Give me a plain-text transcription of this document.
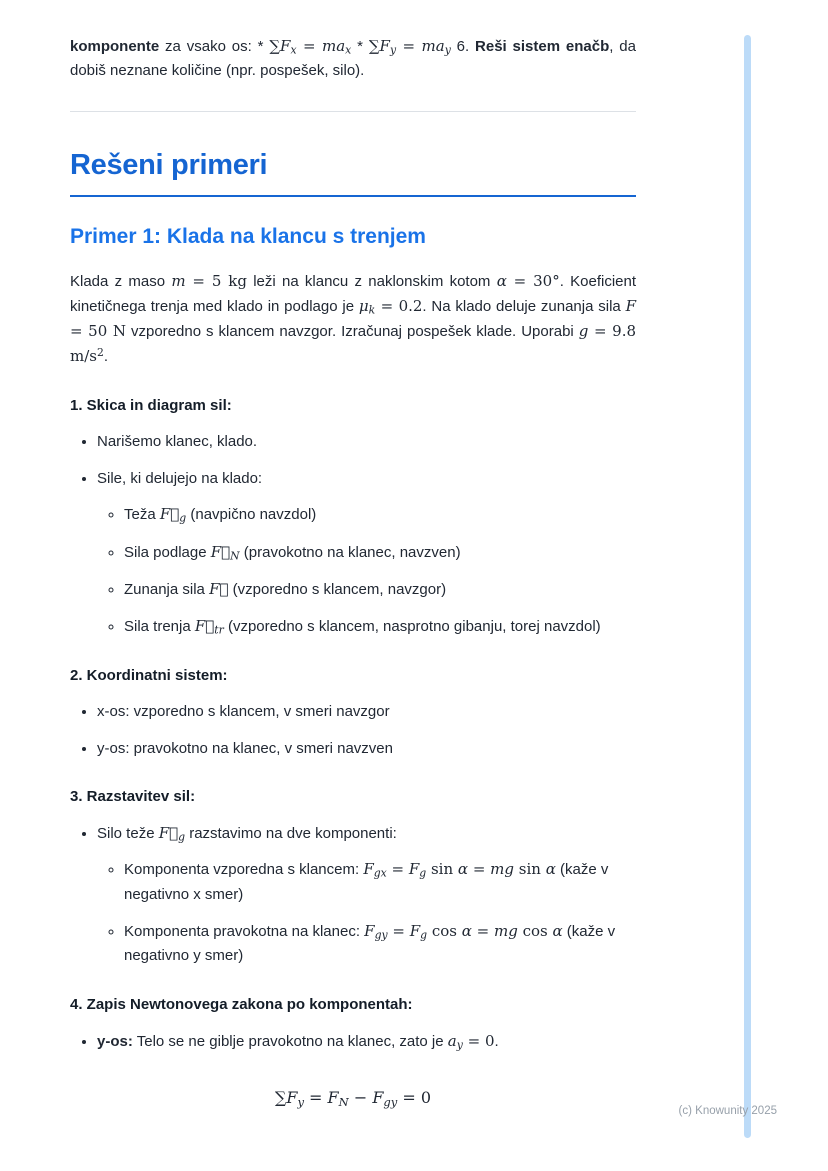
komponente za vsako os: * ∑Fx = max * ∑Fy = may 6. Reši sistem enačb, da dobiš neznane količine (npr. pospešek, silo).

Rešeni primeri
Primer 1: Klada na klancu s trenjem

Klada z maso m = 5 kg leži na klancu z naklonskim kotom α = 30°. Koeficient kinetičnega trenja med klado in podlago je μk = 0.2. Na klado deluje zunanja sila F = 50 N vzporedno s klancem navzgor. Izračunaj pospešek klade. Uporabi g = 9.8 $m/s^2$.

1. Skica in diagram sil:

• Narišemo klanec, klado.
• Sile, ki delujejo na klado:
◦ Teža F⃗g (navpično navzdol)
◦ Sila podlage F⃗N (pravokotno na klanec, navzven)
◦ Zunanja sila F⃗ (vzporedno s klancem, navzgor)
◦ Sila trenja F⃗tr (vzporedno s klancem, nasprotno gibanju, torej navzdol)

2. Koordinatni sistem:

• x-os: vzporedno s klancem, v smeri navzgor
• y-os: pravokotno na klanec, v smeri navzven

3. Razstavitev sil:

• Silo teže F⃗g razstavimo na dve komponenti:
◦ Komponenta vzporedna s klancem: Fgx = Fg sin α = mg sin α (kaže v negativno x smer)
◦ Komponenta pravokotna na klanec: Fgy = Fg cos α = mg cos α (kaže v negativno y smer)

4. Zapis Newtonovega zakona po komponentah:

• y-os: Telo se ne giblje pravokotno na klanec, zato je ay = 0.

∑Fy = FN − Fgy = 0

(c) Knowunity 2025
